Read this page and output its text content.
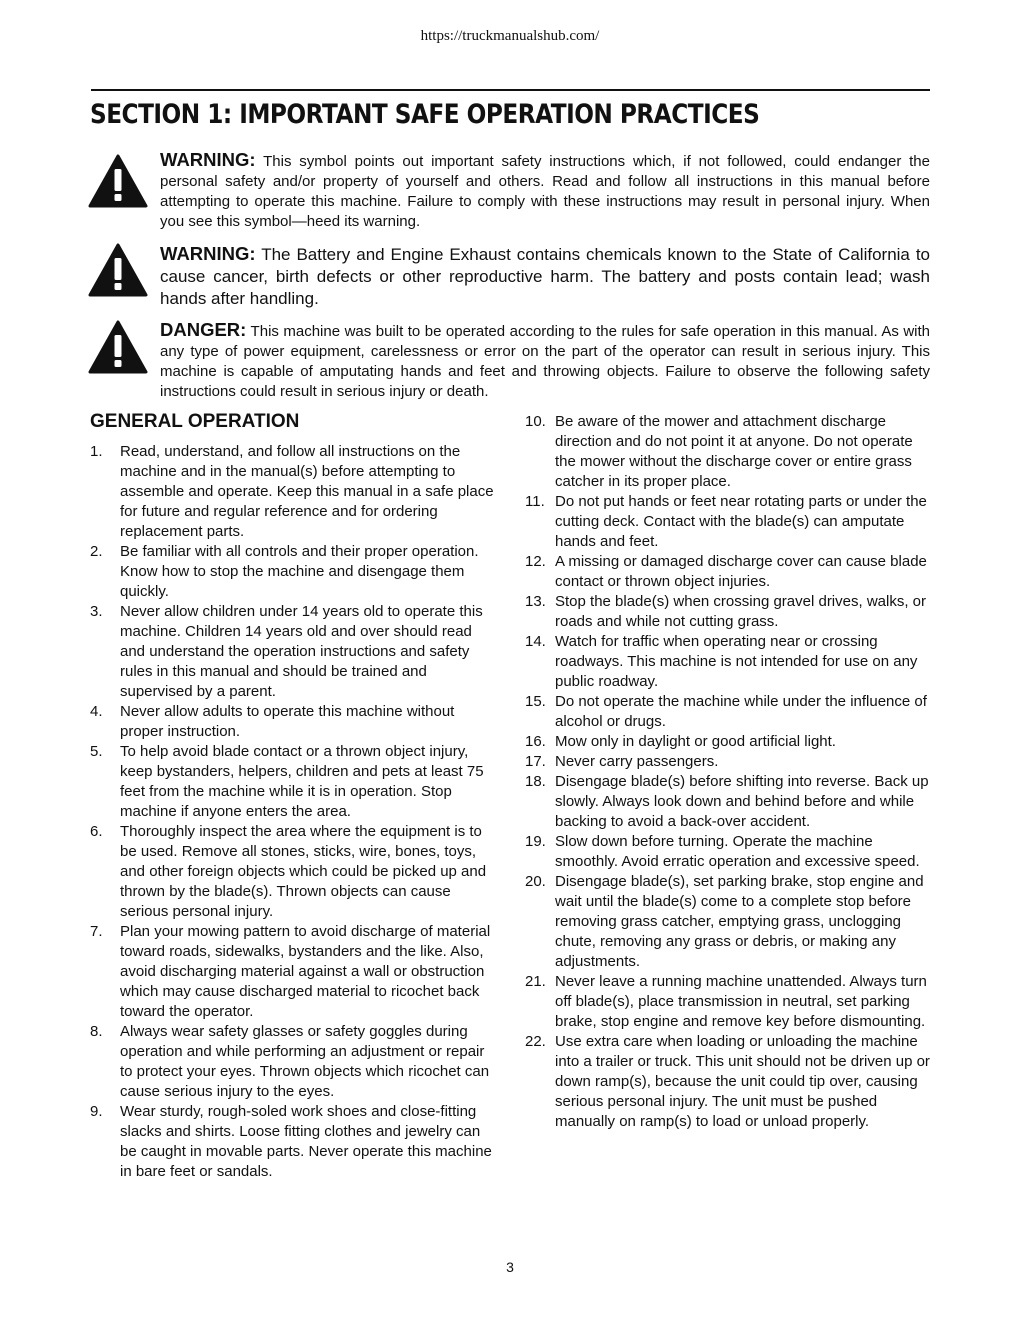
https://truckmanualshub.com/
SECTION 1: IMPORTANT SAFE OPERATION PRACTICES

WARNING: This symbol points out important safety instructions which, if not followed, could endanger the personal safety and/or property of yourself and others. Read and follow all instructions in this manual before attempting to operate this machine. Failure to comply with these instructions may result in personal injury. When you see this symbol—heed its warning.

WARNING: The Battery and Engine Exhaust contains chemicals known to the State of California to cause cancer, birth defects or other reproductive harm. The battery and posts contain lead; wash hands after handling.

DANGER: This machine was built to be operated according to the rules for safe operation in this manual. As with any type of power equipment, carelessness or error on the part of the operator can result in serious injury. This machine is capable of amputating hands and feet and throwing objects. Failure to observe the following safety instructions could result in serious injury or death.

GENERAL OPERATION
1. Read, understand, and follow all instructions on the machine and in the manual(s) before attempting to assemble and operate. Keep this manual in a safe place for future and regular reference and for ordering replacement parts.
2. Be familiar with all controls and their proper operation. Know how to stop the machine and disengage them quickly.
3. Never allow children under 14 years old to operate this machine. Children 14 years old and over should read and understand the operation instructions and safety rules in this manual and should be trained and supervised by a parent.
4. Never allow adults to operate this machine without proper instruction.
5. To help avoid blade contact or a thrown object injury, keep bystanders, helpers, children and pets at least 75 feet from the machine while it is in operation. Stop machine if anyone enters the area.
6. Thoroughly inspect the area where the equipment is to be used. Remove all stones, sticks, wire, bones, toys, and other foreign objects which could be picked up and thrown by the blade(s). Thrown objects can cause serious personal injury.
7. Plan your mowing pattern to avoid discharge of material toward roads, sidewalks, bystanders and the like. Also, avoid discharging material against a wall or obstruction which may cause discharged material to ricochet back toward the operator.
8. Always wear safety glasses or safety goggles during operation and while performing an adjustment or repair to protect your eyes. Thrown objects which ricochet can cause serious injury to the eyes.
9. Wear sturdy, rough-soled work shoes and close-fitting slacks and shirts. Loose fitting clothes and jewelry can be caught in movable parts. Never operate this machine in bare feet or sandals.
10. Be aware of the mower and attachment discharge direction and do not point it at anyone. Do not operate the mower without the discharge cover or entire grass catcher in its proper place.
11. Do not put hands or feet near rotating parts or under the cutting deck. Contact with the blade(s) can amputate hands and feet.
12. A missing or damaged discharge cover can cause blade contact or thrown object injuries.
13. Stop the blade(s) when crossing gravel drives, walks, or roads and while not cutting grass.
14. Watch for traffic when operating near or crossing roadways. This machine is not intended for use on any public roadway.
15. Do not operate the machine while under the influence of alcohol or drugs.
16. Mow only in daylight or good artificial light.
17. Never carry passengers.
18. Disengage blade(s) before shifting into reverse. Back up slowly. Always look down and behind before and while backing to avoid a back-over accident.
19. Slow down before turning. Operate the machine smoothly. Avoid erratic operation and excessive speed.
20. Disengage blade(s), set parking brake, stop engine and wait until the blade(s) come to a complete stop before removing grass catcher, emptying grass, unclogging chute, removing any grass or debris, or making any adjustments.
21. Never leave a running machine unattended. Always turn off blade(s), place transmission in neutral, set parking brake, stop engine and remove key before dismounting.
22. Use extra care when loading or unloading the machine into a trailer or truck. This unit should not be driven up or down ramp(s), because the unit could tip over, causing serious personal injury. The unit must be pushed manually on ramp(s) to load or unload properly.
3
